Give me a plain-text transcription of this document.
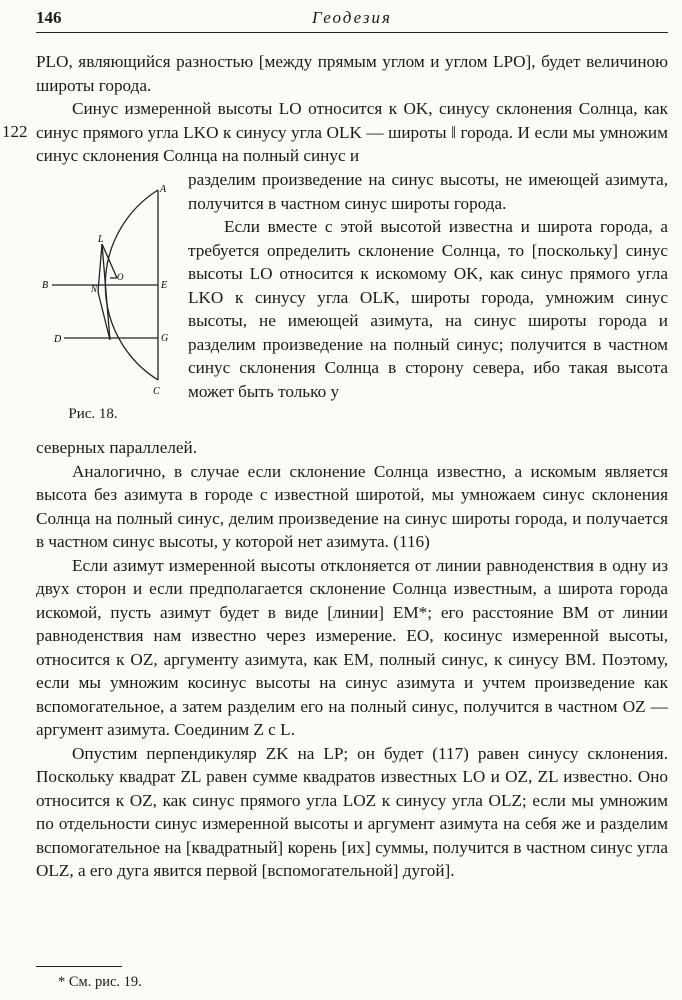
146	Геодезия
122

PLO, являющийся разностью [между прямым углом и углом LPO], будет величиною широты города.

Синус измеренной высоты LO относится к OK, синусу склонения Солнца, как синус прямого угла LKO к синусу угла OLK — широты ‖ города. И если мы умножим синус склонения Солнца на полный синус и

A
L
B
O
N	E
D	G
C
Рис. 18.

разделим произведение на синус высоты, не имеющей азимута, получится в частном синус широты города.

Если вместе с этой высотой известна и широта города, а требуется определить склонение Солнца, то [поскольку] синус высоты LO относится к искомому OK, как синус прямого угла LKO к синусу угла OLK, широты города, умножим синус высоты, не имеющей азимута, на синус широты города и разделим произведение на полный синус; получится в частном синус склонения Солнца в сторону севера, ибо такая высота может быть только у

северных параллелей.

Аналогично, в случае если склонение Солнца известно, а искомым является высота без азимута в городе с известной широтой, мы умножаем синус склонения Солнца на полный синус, делим произведение на синус широты города, и получается в частном синус высоты, у которой нет азимута. (116)

Если азимут измеренной высоты отклоняется от линии равноденствия в одну из двух сторон и если предполагается склонение Солнца известным, а широта города искомой, пусть азимут будет в виде [линии] EM*; его расстояние BM от линии равноденствия нам известно через измерение. EO, косинус измеренной высоты, относится к OZ, аргументу азимута, как EM, полный синус, к синусу BM. Поэтому, если мы умножим косинус высоты на синус азимута и учтем произведение как вспомогательное, а затем разделим его на полный синус, получится в частном OZ — аргумент азимута. Соединим Z с L.

Опустим перпендикуляр ZK на LP; он будет (117) равен синусу склонения. Поскольку квадрат ZL равен сумме квадратов известных LO и OZ, ZL известно. Оно относится к OZ, как синус прямого угла LOZ к синусу угла OLZ; если мы умножим по отдельности синус измеренной высоты и аргумент азимута на себя же и разделим вспомогательное на [квадратный] корень [их] суммы, получится в частном синус угла OLZ, а его дуга явится первой [вспомогательной] дугой].

* См. рис. 19.
